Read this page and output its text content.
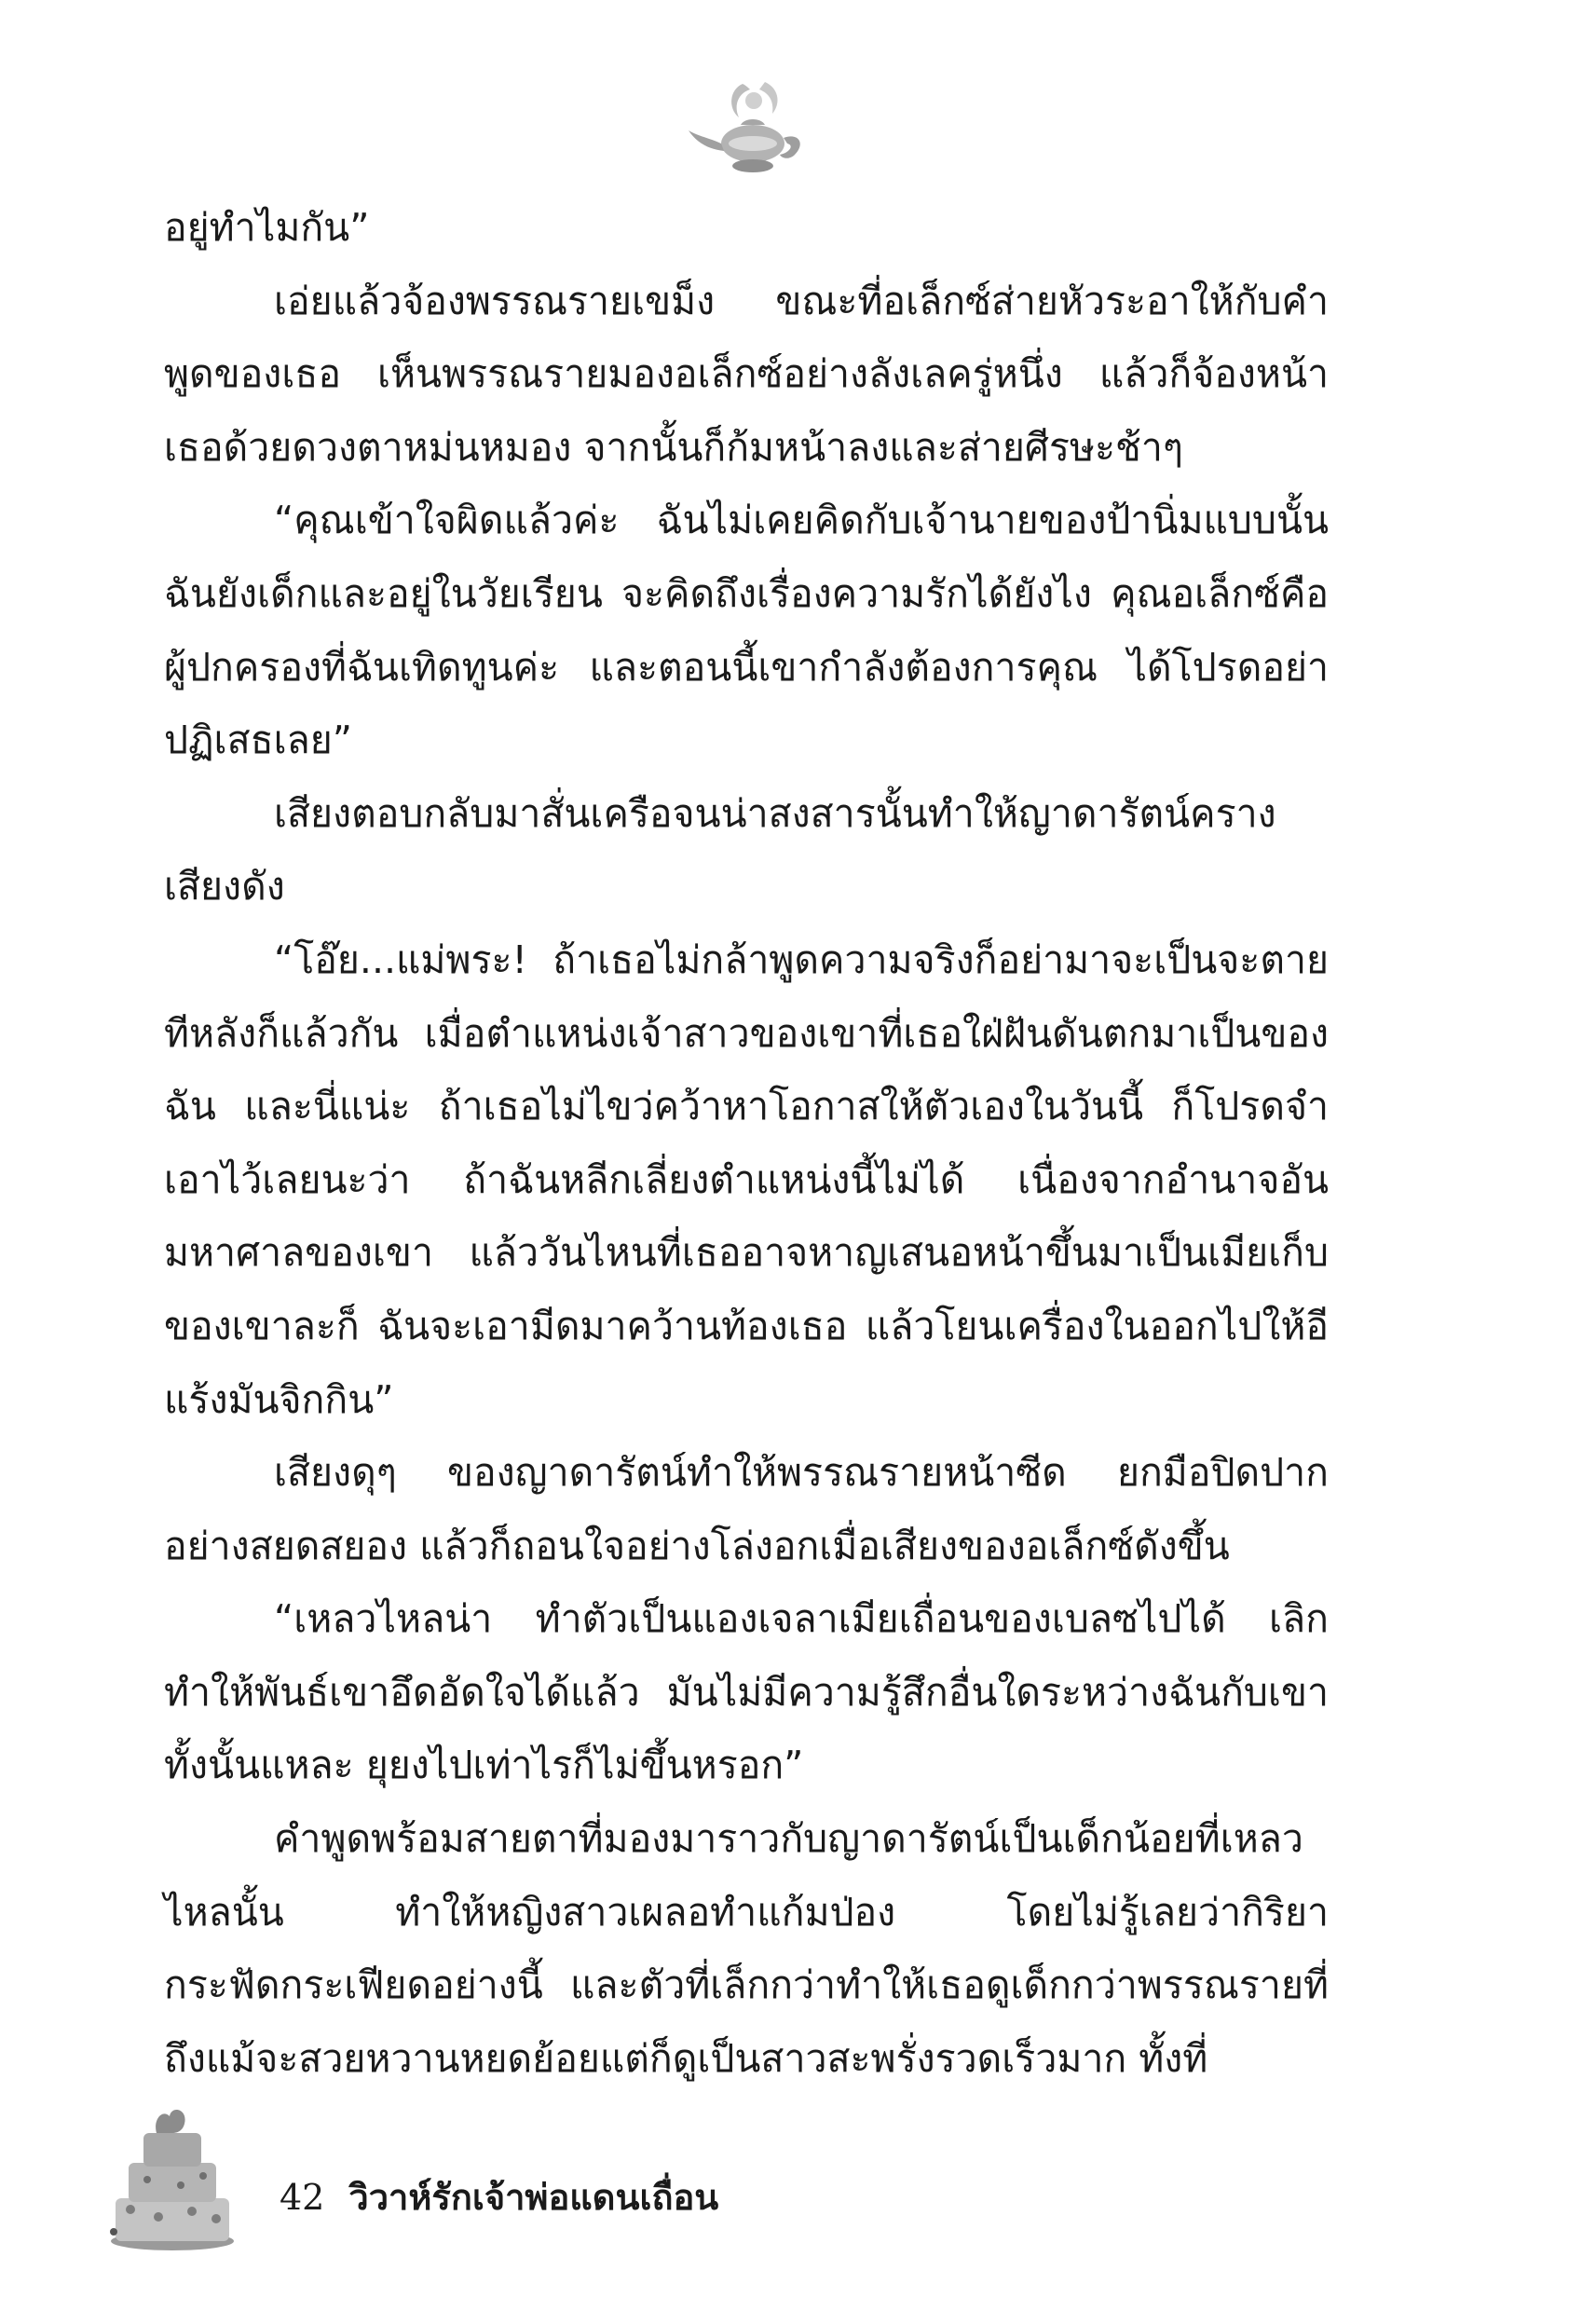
อยู่ทำไมกัน”

เอ่ยแล้วจ้องพรรณรายเขม็ง ขณะที่อเล็กซ์ส่ายหัวระอาให้กับคำพูดของเธอ เห็นพรรณรายมองอเล็กซ์อย่างลังเลครู่หนึ่ง แล้วก็จ้องหน้าเธอด้วยดวงตาหม่นหมอง จากนั้นก็ก้มหน้าลงและส่ายศีรษะช้าๆ

“คุณเข้าใจผิดแล้วค่ะ ฉันไม่เคยคิดกับเจ้านายของป้านิ่มแบบนั้น ฉันยังเด็กและอยู่ในวัยเรียน จะคิดถึงเรื่องความรักได้ยังไง คุณอเล็กซ์คือผู้ปกครองที่ฉันเทิดทูนค่ะ และตอนนี้เขากำลังต้องการคุณ ได้โปรดอย่าปฏิเสธเลย”

เสียงตอบกลับมาสั่นเครือจนน่าสงสารนั้นทำให้ญาดารัตน์ครางเสียงดัง

“โอ๊ย...แม่พระ! ถ้าเธอไม่กล้าพูดความจริงก็อย่ามาจะเป็นจะตายทีหลังก็แล้วกัน เมื่อตำแหน่งเจ้าสาวของเขาที่เธอใฝ่ฝันดันตกมาเป็นของฉัน และนี่แน่ะ ถ้าเธอไม่ไขว่คว้าหาโอกาสให้ตัวเองในวันนี้ ก็โปรดจำเอาไว้เลยนะว่า ถ้าฉันหลีกเลี่ยงตำแหน่งนี้ไม่ได้ เนื่องจากอำนาจอันมหาศาลของเขา แล้ววันไหนที่เธออาจหาญเสนอหน้าขึ้นมาเป็นเมียเก็บของเขาละก็ ฉันจะเอามีดมาคว้านท้องเธอ แล้วโยนเครื่องในออกไปให้อีแร้งมันจิกกิน”

เสียงดุๆ ของญาดารัตน์ทำให้พรรณรายหน้าซีด ยกมือปิดปากอย่างสยดสยอง แล้วก็ถอนใจอย่างโล่งอกเมื่อเสียงของอเล็กซ์ดังขึ้น

“เหลวไหลน่า ทำตัวเป็นแองเจลาเมียเถื่อนของเบลซไปได้ เลิกทำให้พันธ์เขาอึดอัดใจได้แล้ว มันไม่มีความรู้สึกอื่นใดระหว่างฉันกับเขาทั้งนั้นแหละ ยุยงไปเท่าไรก็ไม่ขึ้นหรอก”

คำพูดพร้อมสายตาที่มองมาราวกับญาดารัตน์เป็นเด็กน้อยที่เหลวไหลนั้น ทำให้หญิงสาวเผลอทำแก้มป่อง โดยไม่รู้เลยว่ากิริยากระฟัดกระเฟียดอย่างนี้ และตัวที่เล็กกว่าทำให้เธอดูเด็กกว่าพรรณรายที่ถึงแม้จะสวยหวานหยดย้อยแต่ก็ดูเป็นสาวสะพรั่งรวดเร็วมาก ทั้งที่

42 วิวาห์รักเจ้าพ่อแดนเถื่อน
